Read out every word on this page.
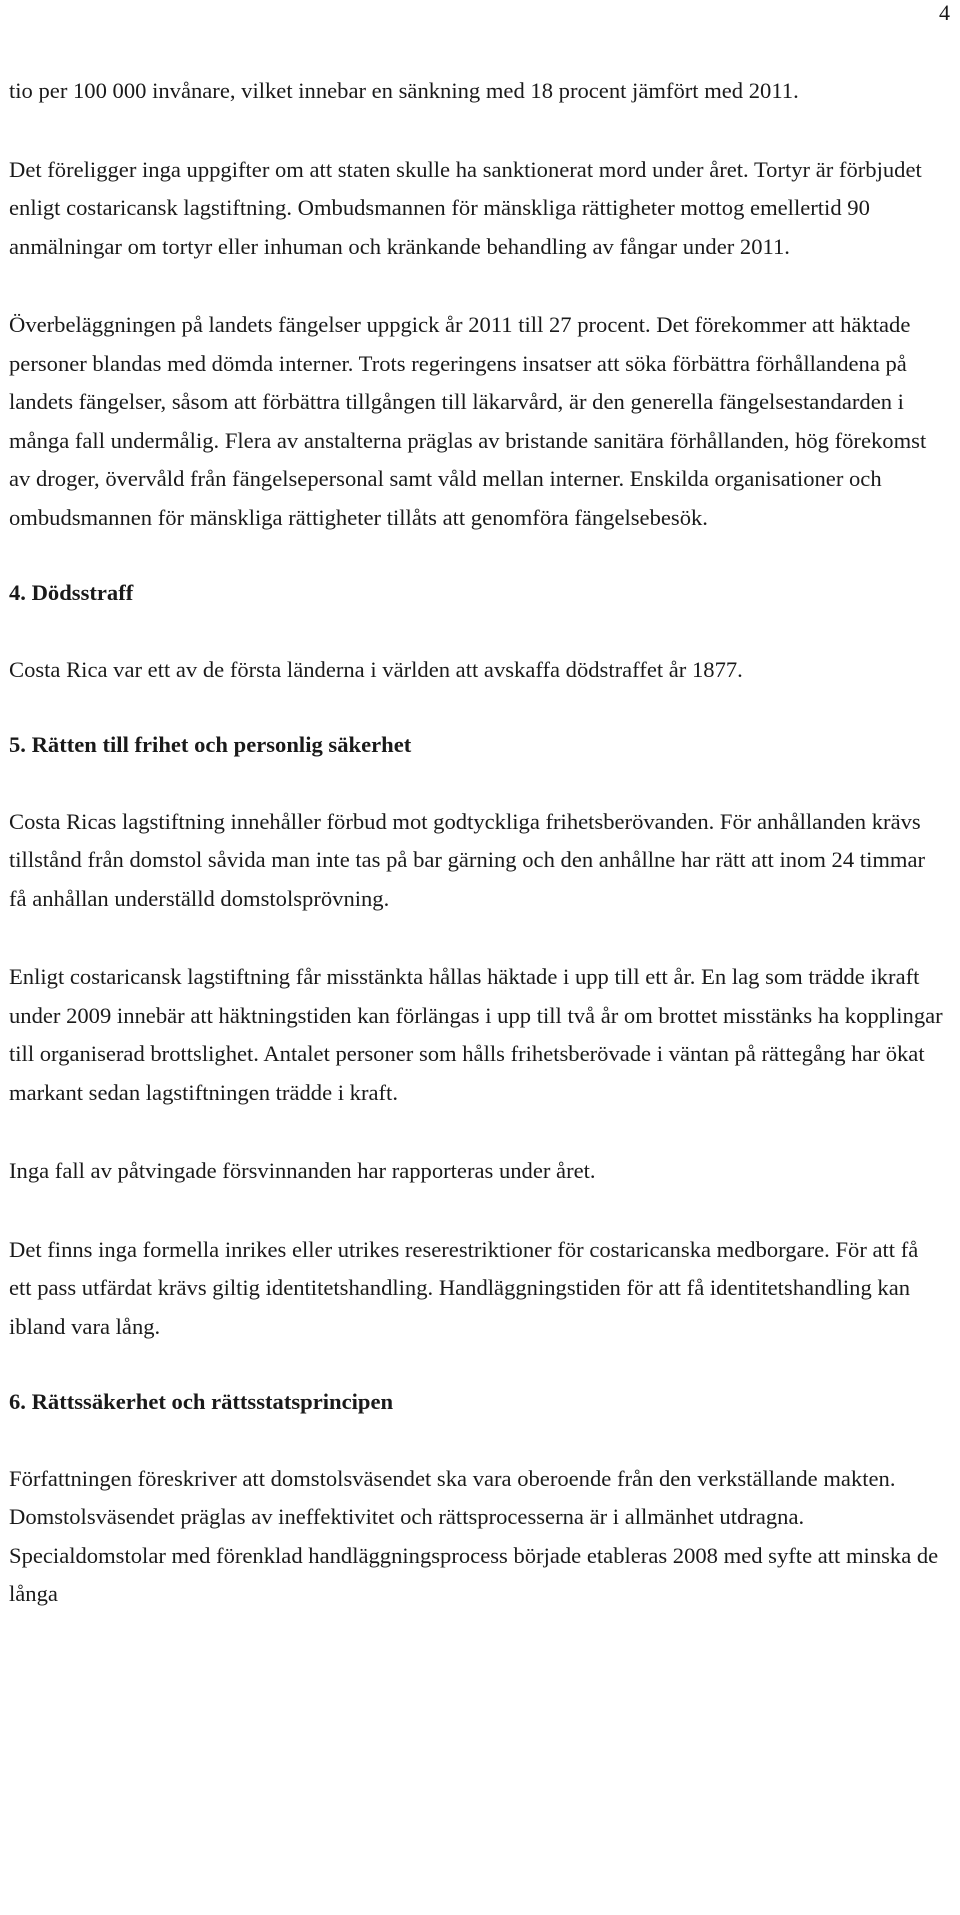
4

tio per 100 000 invånare, vilket innebar en sänkning med 18 procent jämfört med 2011.

Det föreligger inga uppgifter om att staten skulle ha sanktionerat mord under året. Tortyr är förbjudet enligt costaricansk lagstiftning. Ombudsmannen för mänskliga rättigheter mottog emellertid 90 anmälningar om tortyr eller inhuman och kränkande behandling av fångar under 2011.

Överbeläggningen på landets fängelser uppgick år 2011 till 27 procent. Det förekommer att häktade personer blandas med dömda interner. Trots regeringens insatser att söka förbättra förhållandena på landets fängelser, såsom att förbättra tillgången till läkarvård, är den generella fängelsestandarden i många fall undermålig. Flera av anstalterna präglas av bristande sanitära förhållanden, hög förekomst av droger, övervåld från fängelsepersonal samt våld mellan interner. Enskilda organisationer och ombudsmannen för mänskliga rättigheter tillåts att genomföra fängelsebesök.

4. Dödsstraff

Costa Rica var ett av de första länderna i världen att avskaffa dödstraffet år 1877.

5. Rätten till frihet och personlig säkerhet

Costa Ricas lagstiftning innehåller förbud mot godtyckliga frihetsberövanden. För anhållanden krävs tillstånd från domstol såvida man inte tas på bar gärning och den anhållne har rätt att inom 24 timmar få anhållan underställd domstolsprövning.

Enligt costaricansk lagstiftning får misstänkta hållas häktade i upp till ett år. En lag som trädde ikraft under 2009 innebär att häktningstiden kan förlängas i upp till två år om brottet misstänks ha kopplingar till organiserad brottslighet. Antalet personer som hålls frihetsberövade i väntan på rättegång har ökat markant sedan lagstiftningen trädde i kraft.

Inga fall av påtvingade försvinnanden har rapporteras under året.

Det finns inga formella inrikes eller utrikes reserestriktioner för costaricanska medborgare. För att få ett pass utfärdat krävs giltig identitetshandling. Handläggningstiden för att få identitetshandling kan ibland vara lång.

6. Rättssäkerhet och rättsstatsprincipen

Författningen föreskriver att domstolsväsendet ska vara oberoende från den verkställande makten. Domstolsväsendet präglas av ineffektivitet och rättsprocesserna är i allmänhet utdragna. Specialdomstolar med förenklad handläggningsprocess började etableras 2008 med syfte att minska de långa
